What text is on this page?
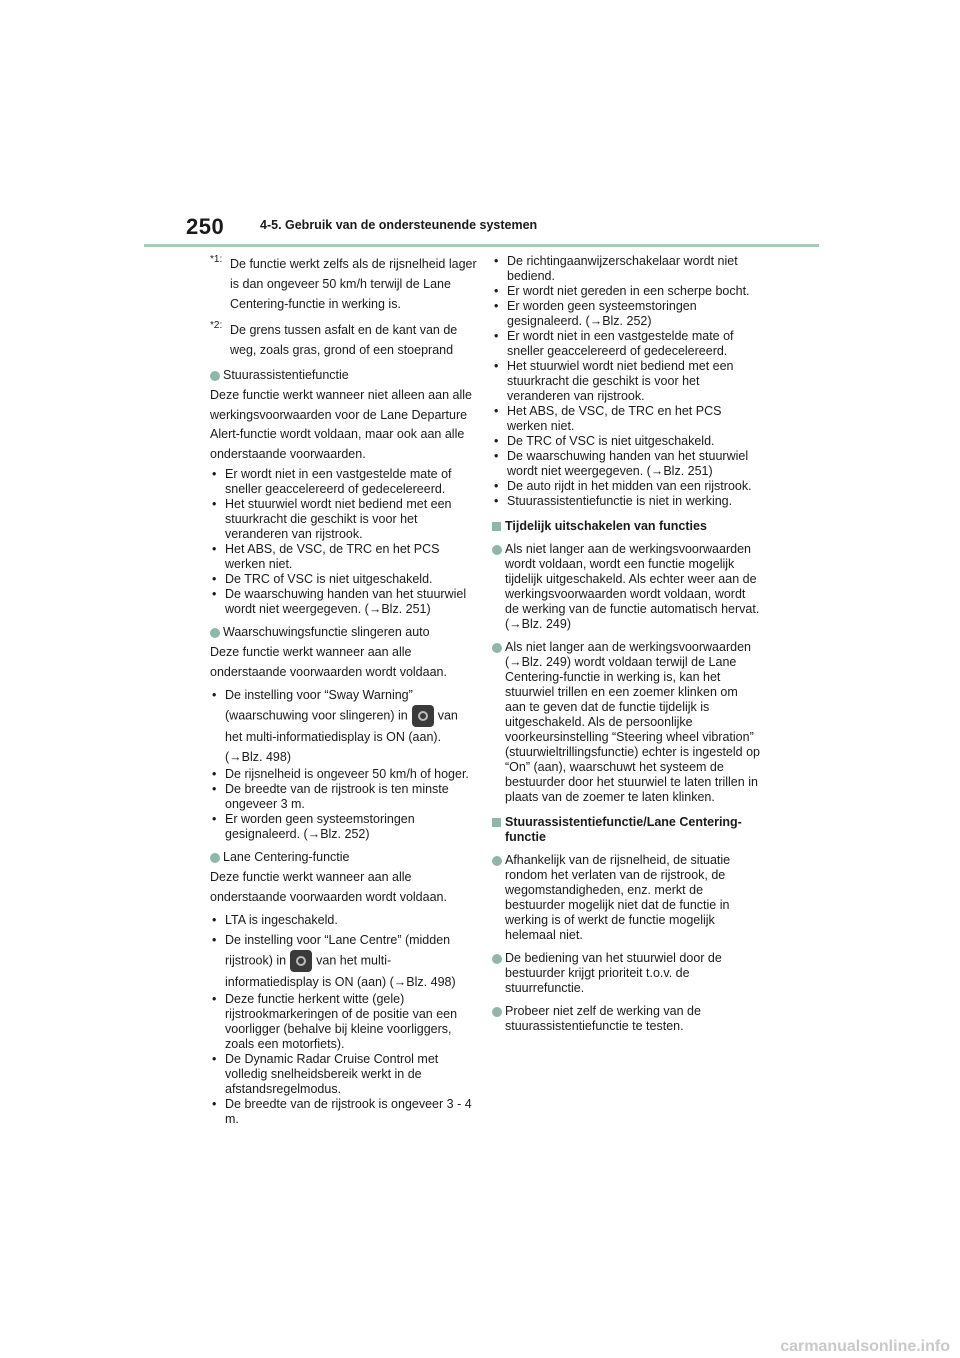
250	4-5. Gebruik van de ondersteunende systemen
*1: De functie werkt zelfs als de rijsnelheid lager is dan ongeveer 50 km/h terwijl de Lane Centering-functie in werking is.
*2: De grens tussen asfalt en de kant van de weg, zoals gras, grond of een stoeprand
Stuurassistentiefunctie
Deze functie werkt wanneer niet alleen aan alle werkingsvoorwaarden voor de Lane Departure Alert-functie wordt voldaan, maar ook aan alle onderstaande voorwaarden.
• Er wordt niet in een vastgestelde mate of sneller geaccelereerd of gedecelereerd.
• Het stuurwiel wordt niet bediend met een stuurkracht die geschikt is voor het veranderen van rijstrook.
• Het ABS, de VSC, de TRC en het PCS werken niet.
• De TRC of VSC is niet uitgeschakeld.
• De waarschuwing handen van het stuurwiel wordt niet weergegeven. (→Blz. 251)
Waarschuwingsfunctie slingeren auto
Deze functie werkt wanneer aan alle onderstaande voorwaarden wordt voldaan.
• De instelling voor “Sway Warning” (waarschuwing voor slingeren) in van het multi-informatiedisplay is ON (aan). (→Blz. 498)
• De rijsnelheid is ongeveer 50 km/h of hoger.
• De breedte van de rijstrook is ten minste ongeveer 3 m.
• Er worden geen systeemstoringen gesignaleerd. (→Blz. 252)
Lane Centering-functie
Deze functie werkt wanneer aan alle onderstaande voorwaarden wordt voldaan.
• LTA is ingeschakeld.
• De instelling voor “Lane Centre” (midden rijstrook) in van het multi-informatiedisplay is ON (aan) (→Blz. 498)
• Deze functie herkent witte (gele) rijstrookmarkeringen of de positie van een voorligger (behalve bij kleine voorliggers, zoals een motorfiets).
• De Dynamic Radar Cruise Control met volledig snelheidsbereik werkt in de afstandsregelmodus.
• De breedte van de rijstrook is ongeveer 3 - 4 m.
• De richtingaanwijzerschakelaar wordt niet bediend.
• Er wordt niet gereden in een scherpe bocht.
• Er worden geen systeemstoringen gesignaleerd. (→Blz. 252)
• Er wordt niet in een vastgestelde mate of sneller geaccelereerd of gedecelereerd.
• Het stuurwiel wordt niet bediend met een stuurkracht die geschikt is voor het veranderen van rijstrook.
• Het ABS, de VSC, de TRC en het PCS werken niet.
• De TRC of VSC is niet uitgeschakeld.
• De waarschuwing handen van het stuurwiel wordt niet weergegeven. (→Blz. 251)
• De auto rijdt in het midden van een rijstrook.
• Stuurassistentiefunctie is niet in werking.
Tijdelijk uitschakelen van functies
Als niet langer aan de werkingsvoorwaarden wordt voldaan, wordt een functie mogelijk tijdelijk uitgeschakeld. Als echter weer aan de werkingsvoorwaarden wordt voldaan, wordt de werking van de functie automatisch hervat. (→Blz. 249)
Als niet langer aan de werkingsvoorwaarden (→Blz. 249) wordt voldaan terwijl de Lane Centering-functie in werking is, kan het stuurwiel trillen en een zoemer klinken om aan te geven dat de functie tijdelijk is uitgeschakeld. Als de persoonlijke voorkeursinstelling “Steering wheel vibration” (stuurwieltrillingsfunctie) echter is ingesteld op “On” (aan), waarschuwt het systeem de bestuurder door het stuurwiel te laten trillen in plaats van de zoemer te laten klinken.
Stuurassistentiefunctie/Lane Centering-functie
Afhankelijk van de rijsnelheid, de situatie rondom het verlaten van de rijstrook, de wegomstandigheden, enz. merkt de bestuurder mogelijk niet dat de functie in werking is of werkt de functie mogelijk helemaal niet.
De bediening van het stuurwiel door de bestuurder krijgt prioriteit t.o.v. de stuurrefunctie.
Probeer niet zelf de werking van de stuurassistentiefunctie te testen.
carmanualsonline.info
